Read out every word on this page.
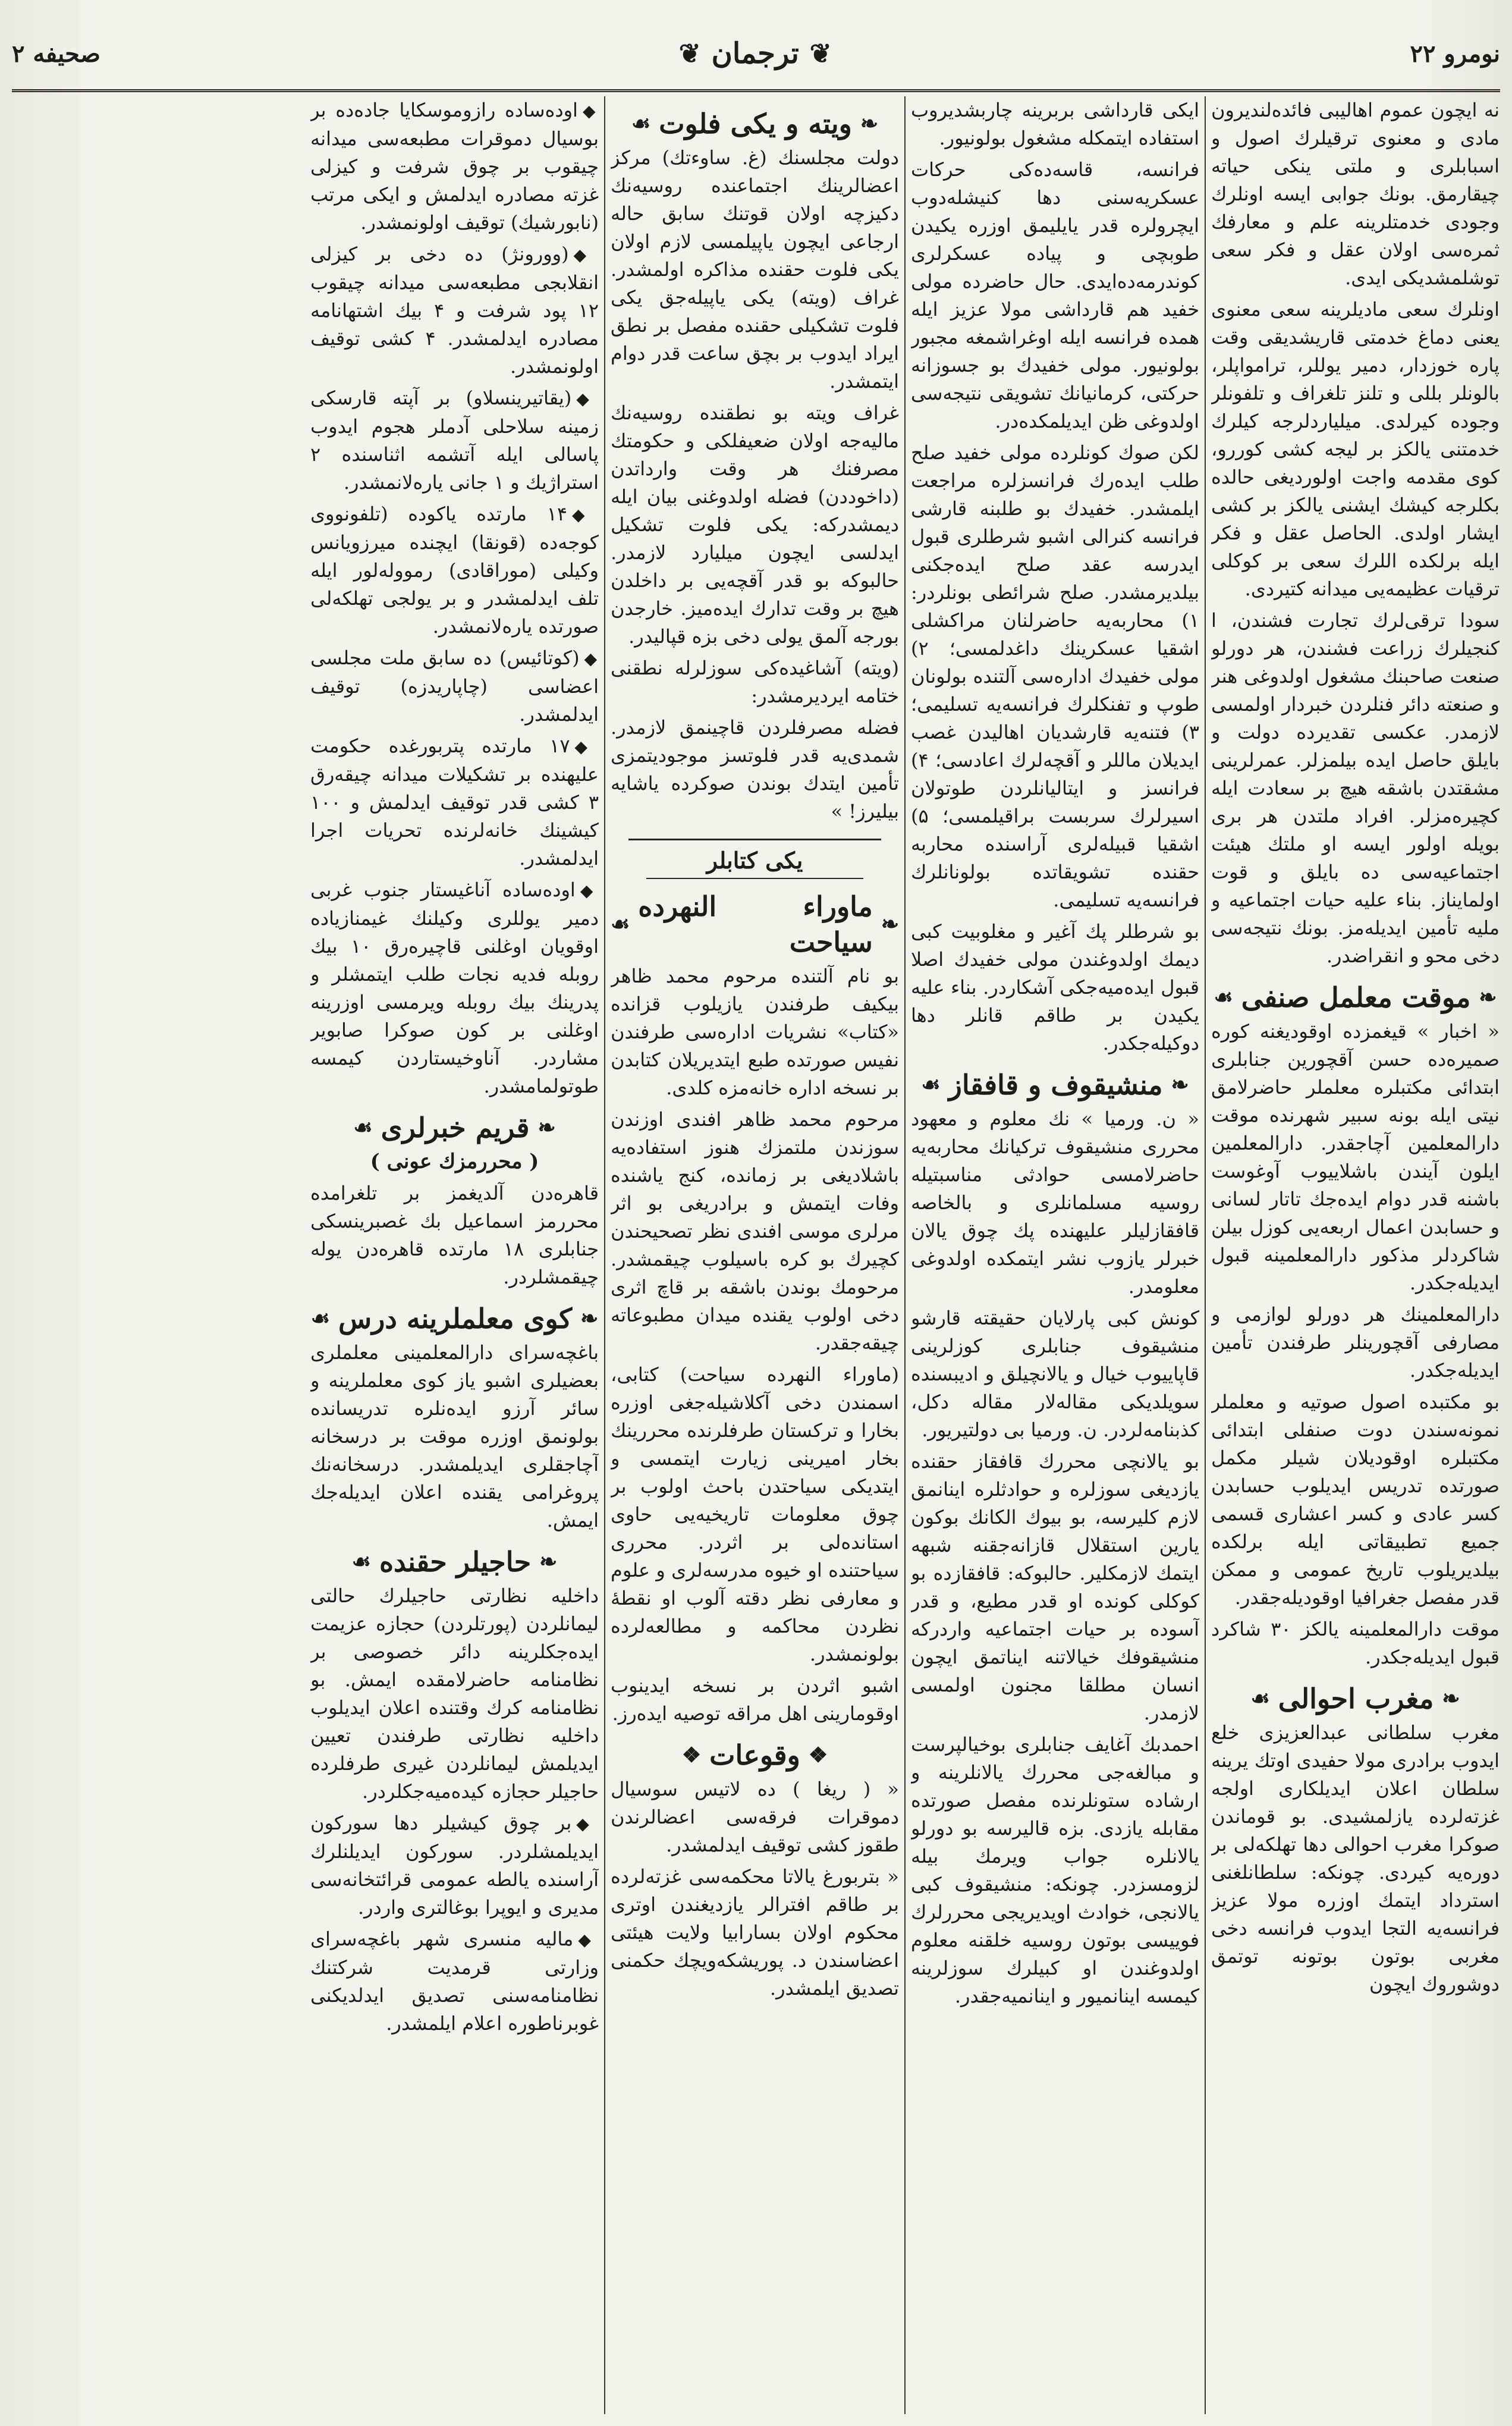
نومرو ۲۲
❦
ترجمان
❦
صحیفه ۲

نه ایچون عموم اهالیبی فائده‌لندیرون مادی و معنوی ترقیلرك اصول و اسبابلری و ملتی ینکی حیاته چیقارمق. بونك جوابی ایسه اونلرك وجودی خدمتلرینه علم و معارفك ثمره‌سی اولان عقل و فکر سعی توشلمشدیکی ایدی.

اونلرك سعی مادیلرینه سعی معنوی یعنی دماغ خدمتی قاریشدیقی وقت پاره خوزدار، دمیر یوللر، ترامواپلر، بالونلر بللی و تلنز تلغراف و تلفونلر وجوده کیرلدی. میلیاردلرجه کیلرك خدمتنی یالکز بر لیجه کشی کوررو، کوی مقدمه واجت اولوردیغی حالده بکلرجه کیشك ایشنی یالکز بر کشی ایشار اولدی. الحاصل عقل و فکر ایله برلکده اللرك سعی بر کوکلی ترقیات عظیمه‌یی میدانه کتیردی.

سودا ترقی‌لرك تجارت فشندن، ا کنجیلرك زراعت فشندن، هر دورلو صنعت صاحبنك مشغول اولدوغی هنر و صنعته دائر فنلردن خبردار اولمسی لازمدر. عکسی تقدیرده دولت و بایلق حاصل ایده بیلمزلر. عمرلرینی مشقتدن باشقه هیچ بر سعادت ایله کچیره‌مزلر. افراد ملتدن هر بری بویله اولور ایسه او ملتك هیئت اجتماعیه‌سی ده بایلق و قوت اولمایناز. بناء علیه حیات اجتماعیه و ملیه تأمین ایدیله‌مز. بونك نتیجه‌سی دخی محو و انقراضدر.

❧
موقت معلمل صنفی
☙

« اخبار » قیغمزده اوقودیغنه کوره صمیره‌ده حسن آقچورین جنابلری ابتدائی مکتبلره معلملر حاضرلامق نیتی ایله بونه سبیر شهرنده موقت دارالمعلمین آچاجقدر. دارالمعلمین ایلون آیندن باشلاییوب آوغوست باشنه قدر دوام ایده‌جك تاتار لسانی و حسابدن اعمال اربعه‌یی کوزل بیلن شاکردلر مذکور دارالمعلمینه قبول ایدیله‌جکدر.

دارالمعلمینك هر دورلو لوازمی و مصارفی آقچورینلر طرفندن تأمین ایدیله‌جکدر.

بو مکتبده اصول صوتیه و معلملر نمونه‌سندن دوت صنفلی ابتدائی مکتبلره اوقودیلان شیلر مکمل صورتده تدریس ایدیلوب حسابدن کسر عادی و کسر اعشاری قسمی جمیع تطبیقاتی ایله برلکده بیلدیریلوب تاریخ عمومی و ممکن قدر مفصل جغرافیا اوقودیله‌جقدر.

موقت دارالمعلمینه یالکز ۳۰ شاکرد قبول ایدیله‌جکدر.

❧
مغرب احوالی
☙

مغرب سلطانی عبدالعزیزی خلع ایدوب برادری مولا حفیدی اوتك یرینه سلطان اعلان ایدیلکاری اولجه غزته‌لرده یازلمشیدی. بو قوماندن صوکرا مغرب احوالی دها تهلکه‌لی بر دوره‌یه کیردی. چونکه: سلطانلغنی استرداد ایتمك اوزره مولا عزیز فرانسه‌یه التجا ایدوب فرانسه دخی مغربی بوتون بوتونه توتمق دوشوروك ایچون

ایکی قارداشی بربرینه چاربشدیروب استفاده ایتمکله مشغول بولونیور.

فرانسه، قاسه‌ده‌کی حرکات عسکریه‌سنی دها کنیشله‌دوب ایچرولره قدر یایلیمق اوزره یکیدن طوبچی و پیاده عسکرلری کوندرمه‌ده‌ایدی. حال حاضرده مولی خفید هم قارداشی مولا عزیز ایله همده فرانسه ایله اوغراشمغه مجبور بولونیور. مولی خفیدك بو جسوزانه حرکتی، کرمانیانك تشویقی نتیجه‌سی اولدوغی ظن ایدیلمکده‌در.

لکن صوك کونلرده مولی خفید صلح طلب ایده‌رك فرانسزلره مراجعت ایلمشدر. خفیدك بو طلبنه قارشی فرانسه کنرالی اشبو شرطلری قبول ایدرسه عقد صلح ایده‌جکنی بیلدیرمشدر. صلح شرائطی بونلردر: ۱) محاربه‌یه حاضرلنان مراکشلی اشقیا عسکرینك داغدلمسی؛ ۲) مولی خفیدك اداره‌سی آلتنده بولونان طوپ و تفنکلرك فرانسه‌یه تسلیمی؛ ۳) فتنه‌یه قارشدیان اهالیدن غصب ایدیلان ماللر و آقچه‌لرك اعادسی؛ ۴) فرانسز و ایتالیانلردن طوتولان اسیرلرك سربست براقیلمسی؛ ۵) اشقیا قبیله‌لری آراسنده محاربه حقنده تشویقاتده بولونانلرك فرانسه‌یه تسلیمی.

بو شرطلر پك آغیر و مغلوبیت کبی دیمك اولدوغندن مولی خفیدك اصلا قبول ایده‌میه‌جکی آشکاردر. بناء علیه یکیدن بر طاقم قانلر دها دوکیله‌جکدر.

❧
منشیقوف و قافقاز
☙

« ن. ورمیا » نك معلوم و معهود محرری منشیقوف ترکیانك محاربه‌یه حاضرلامسی حوادثی مناسبتیله روسیه مسلمانلری و بالخاصه قافقازلیلر علیهنده پك چوق یالان خبرلر یازوب نشر ایتمکده اولدوغی معلومدر.

کونش کبی پارلایان حقیقته قارشو منشیقوف جنابلری کوزلرینی قاپاییوب خیال و یالانچیلق و ادیبسنده سویلدیکی مقاله‌لار مقاله دکل، کذبنامه‌لردر. ن. ورمیا بی دولتیریور.

بو یالانچی محررك قافقاز حقنده یازدیغی سوزلره و حوادثلره اینانمق لازم کلیرسه، بو بیوك الکانك بوکون یارین استقلال قازانه‌جقنه شبهه ایتمك لازمکلیر. حالبوکه: قافقازده بو کوکلی کونده او قدر مطیع، و قدر آسوده بر حیات اجتماعیه واردرکه منشیقوفك خیالاتنه ایناتمق ایچون انسان مطلقا مجنون اولمسی لازمدر.

احمدبك آغایف جنابلری بوخیالپرست و مبالغه‌جی محررك یالانلرینه و ارشاده ستونلرنده مفصل صورتده مقابله یازدی. بزه قالیرسه بو دورلو یالانلره جواب ویرمك بیله لزومسزدر. چونکه: منشیقوف کبی یالانجی، خوادث اویدیریجی محررلرك فوییسی بوتون روسیه خلقنه معلوم اولدوغندن او کبیلرك سوزلرینه کیمسه اینانمیور و اینانمیه‌جقدر.

❧
ویته و یکی فلوت
☙

دولت مجلسنك (غ. ساوءتك) مرکز اعضالرینك اجتماعنده روسیه‌نك دکیزچه اولان قوتنك سابق حاله ارجاعی ایچون یاپیلمسی لازم اولان یکی فلوت حقنده مذاکره اولمشدر. غراف (ویته) یکی یاپیله‌جق یکی فلوت تشکیلی حقنده مفصل بر نطق ایراد ایدوب بر بچق ساعت قدر دوام ایتمشدر.

غراف ویته بو نطقنده روسیه‌نك مالیه‌جه اولان ضعیفلکی و حکومتك مصرفنك هر وقت وارداتدن (داخوددن) فضله اولدوغنی بیان ایله دیمشدرکه: یکی فلوت تشکیل ایدلسی ایچون میلیارد لازمدر. حالبوکه بو قدر آقچه‌یی بر داخلدن هیچ بر وقت تدارك ایده‌میز. خارجدن بورجه آلمق یولی دخی بزه قپالیدر.

(ویته) آشاغیده‌کی سوزلرله نطقنی ختامه ایردیرمشدر:

فضله مصرفلردن قاچینمق لازمدر. شمدی‌یه قدر فلوتسز موجودیتمزی تأمین ایتدك بوندن صوکرده یاشایه بیلیرز! »

یکی کتابلر
❧
ماوراء النهرده سیاحت
☙

بو نام آلتنده مرحوم محمد ظاهر بیکیف طرفندن یازیلوب قزانده «کتاب» نشریات اداره‌سی طرفندن نفیس صورتده طبع ایتدیریلان کتابدن بر نسخه اداره خانه‌مزه کلدی.

مرحوم محمد ظاهر افندی اوزندن سوزندن ملتمزك هنوز استفاده‌یه باشلادیغی بر زمانده، کنج یاشنده وفات ایتمش و برادریغی بو اثر مرلری موسی افندی نظر تصحیحندن کچیرك بو کره باسیلوب چیقمشدر. مرحومك بوندن باشقه بر قاچ اثری دخی اولوب یقنده میدان مطبوعاته چیقه‌جقدر.

(ماوراء النهرده سیاحت) کتابی، اسمندن دخی آکلاشیله‌جغی اوزره بخارا و ترکستان طرفلرنده محررینك بخار امیرینی زیارت ایتمسی و ایتدیکی سیاحتدن باحث اولوب بر چوق معلومات تاریخیه‌یی حاوی استانده‌لی بر اثردر. محرری سیاحتنده او خیوه مدرسه‌لری و علوم و معارفی نظر دقته آلوب او نقطهٔ نظردن محاکمه و مطالعه‌لرده بولونمشدر.

اشبو اثردن بر نسخه ایدینوب اوقومارینی اهل مراقه توصیه ایده‌رز.

❖
وقوعات
❖

« ( ریغا ) ده لاتیس سوسیال دموقرات فرقه‌سی اعضالرندن طقوز کشی توقیف ایدلمشدر.

« بتربورغ یالاتا محکمه‌سی غزته‌لرده بر طاقم افترالر یازدیغندن اوتری محکوم اولان بسارابیا ولایت هیئتی اعضاسندن د. پوریشکه‌ویچك حکمنی تصدیق ایلمشدر.

◆اوده‌ساده رازوموسکایا جاده‌ده بر بوسیال دموقرات مطبعه‌سی میدانه چیقوب بر چوق شرفت و کیزلی غزته مصادره ایدلمش و ایکی مرتب (نابورشیك) توقیف اولونمشدر.

◆(وورونژ) ده دخی بر کیزلی انقلابجی مطبعه‌سی میدانه چیقوب ۱۲ پود شرفت و ۴ بیك اشتهانامه مصادره ایدلمشدر. ۴ کشی توقیف اولونمشدر.

◆(یقاتیرینسلاو) بر آپته قارسکی زمینه سلاحلی آدملر هجوم ایدوب پاسالی ایله آتشمه اثناسنده ۲ استراژیك و ۱ جانی یاره‌لانمشدر.

◆۱۴ مارتده یاکوده (تلفونووی کوجه‌ده (قونقا) ایچنده میرزویانس وکیلی (موراقادی) رمووله‌لور ایله تلف ایدلمشدر و بر یولجی تهلکه‌لی صورتده یاره‌لانمشدر.

◆(کوتائیس) ده سابق ملت مجلسی اعضاسی (چاپاریدزه) توقیف ایدلمشدر.

◆۱۷ مارتده پتربورغده حکومت علیهنده بر تشکیلات میدانه چیقه‌رق ۳ کشی قدر توقیف ایدلمش و ۱۰۰ کیشینك خانه‌لرنده تحریات اجرا ایدلمشدر.

◆اوده‌ساده آناغیستار جنوب غربی دمیر یوللری وکیلنك غیمنازیاده اوقویان اوغلنی قاچیره‌رق ۱۰ بیك روبله فدیه نجات طلب ایتمشلر و پدرینك بیك روبله ویرمسی اوزرینه اوغلنی بر کون صوکرا صابویر مشاردر. آناوخیستاردن کیمسه طوتولمامشدر.

❧
قریم خبرلری
☙
( محررمزك عونی )

قاهره‌دن آلدیغمز بر تلغرامده محررمز اسماعیل بك غصبرینسکی جنابلری ۱۸ مارتده قاهره‌دن یوله چیقمشلردر.

❧
کوی معلملرینه درس
☙

باغچه‌سرای دارالمعلمینی معلملری بعضیلری اشبو یاز کوی معلملرینه و سائر آرزو ایده‌نلره تدریسانده بولونمق اوزره موقت بر درسخانه آچاجقلری ایدیلمشدر. درسخانه‌نك پروغرامی یقنده اعلان ایدیله‌جك ایمش.

❧
حاجیلر حقنده
☙

داخلیه نظارتی حاجیلرك حالتی لیمانلردن (پورتلردن) حجازه عزیمت ایده‌جکلرینه دائر خصوصی بر نظامنامه حاضرلامقده ایمش. بو نظامنامه کرك وقتنده اعلان ایدیلوب داخلیه نظارتی طرفندن تعیین ایدیلمش لیمانلردن غیری طرفلرده حاجیلر حجازه کیده‌میه‌جکلردر.

◆بر چوق کیشیلر دها سورکون ایدیلمشلردر. سورکون ایدیلنلرك آراسنده یالطه عمومی قرائتخانه‌سی مدیری و ایوپرا بوغالتری واردر.

◆مالیه منسری شهر باغچه‌سرای وزارتی قرمدیت شرکتنك نظامنامه‌سنی تصدیق ایدلدیکنی غوبرناطوره اعلام ایلمشدر.
